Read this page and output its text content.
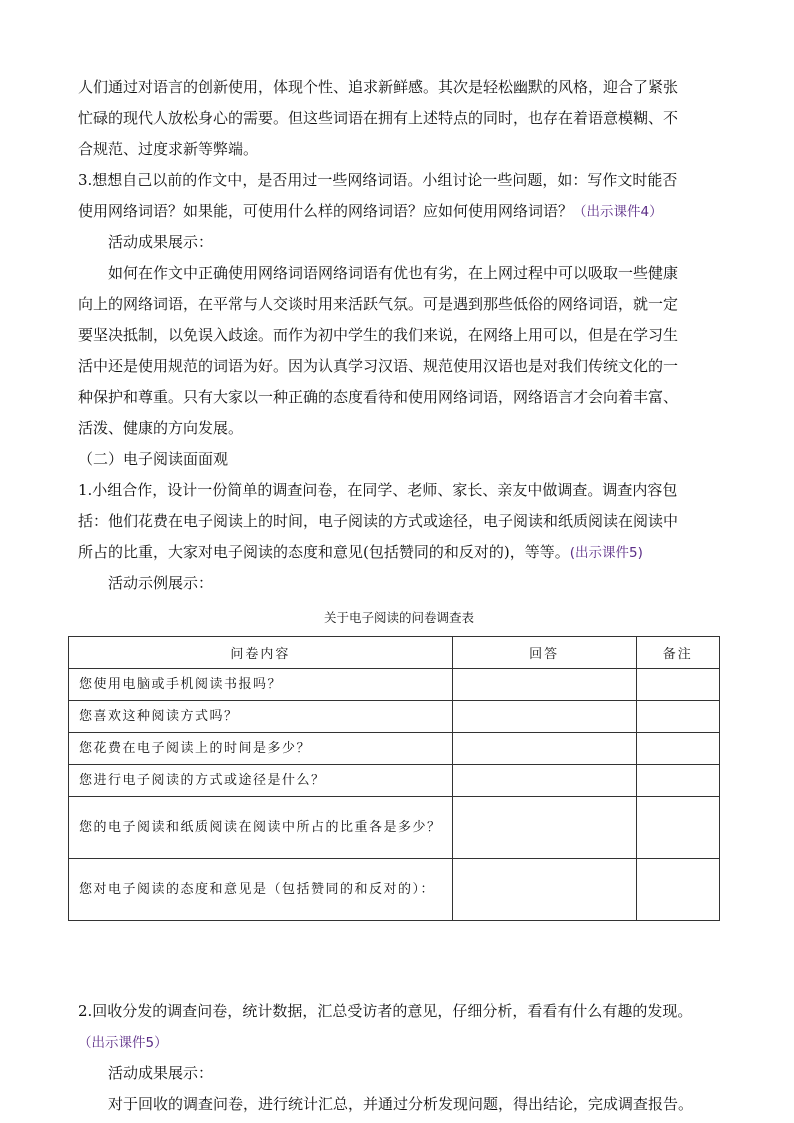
人们通过对语言的创新使用，体现个性、追求新鲜感。其次是轻松幽默的风格，迎合了紧张
忙碌的现代人放松身心的需要。但这些词语在拥有上述特点的同时，也存在着语意模糊、不
合规范、过度求新等弊端。
3.想想自己以前的作文中，是否用过一些网络词语。小组讨论一些问题，如：写作文时能否
使用网络词语？如果能，可使用什么样的网络词语？应如何使用网络词语？（出示课件4）
活动成果展示：
如何在作文中正确使用网络词语网络词语有优也有劣，在上网过程中可以吸取一些健康
向上的网络词语，在平常与人交谈时用来活跃气氛。可是遇到那些低俗的网络词语，就一定
要坚决抵制，以免误入歧途。而作为初中学生的我们来说，在网络上用可以，但是在学习生
活中还是使用规范的词语为好。因为认真学习汉语、规范使用汉语也是对我们传统文化的一
种保护和尊重。只有大家以一种正确的态度看待和使用网络词语，网络语言才会向着丰富、
活泼、健康的方向发展。
（二）电子阅读面面观
1.小组合作，设计一份简单的调查问卷，在同学、老师、家长、亲友中做调查。调查内容包
括：他们花费在电子阅读上的时间，电子阅读的方式或途径，电子阅读和纸质阅读在阅读中
所占的比重，大家对电子阅读的态度和意见(包括赞同的和反对的)，等等。(出示课件5)
活动示例展示：
关于电子阅读的问卷调查表
问卷内容	回答	备注
您使用电脑或手机阅读书报吗？		
您喜欢这种阅读方式吗？		
您花费在电子阅读上的时间是多少？		
您进行电子阅读的方式或途径是什么？		
您的电子阅读和纸质阅读在阅读中所占的比重各是多少？		
您对电子阅读的态度和意见是（包括赞同的和反对的）：		
2.回收分发的调查问卷，统计数据，汇总受访者的意见，仔细分析，看看有什么有趣的发现。
（出示课件5）
活动成果展示：
对于回收的调查问卷，进行统计汇总，并通过分析发现问题，得出结论，完成调查报告。
